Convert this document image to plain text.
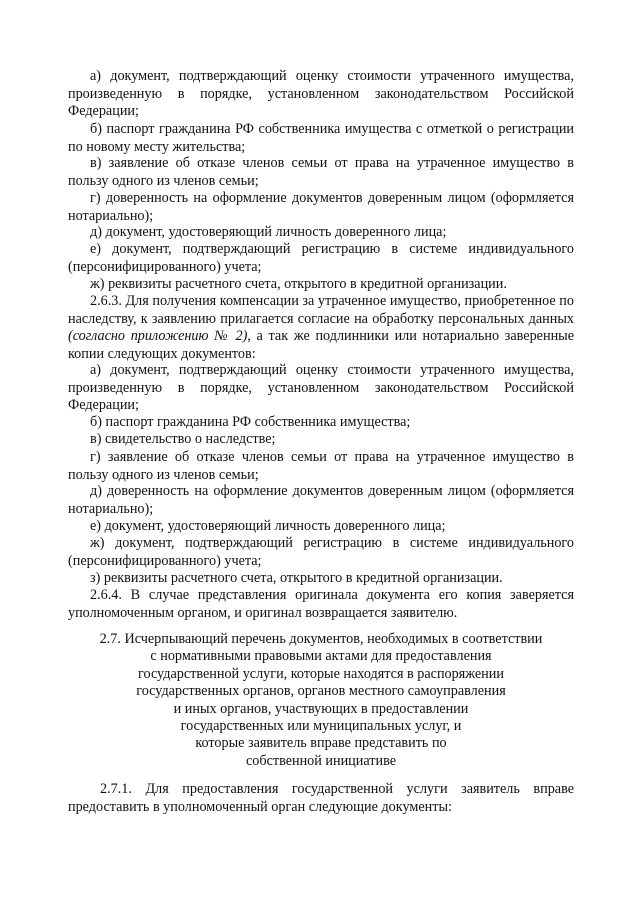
а) документ, подтверждающий оценку стоимости утраченного имущества, произведенную в порядке, установленном законодательством Российской Федерации;

б) паспорт гражданина РФ собственника имущества с отметкой о регистрации по новому месту жительства;

в) заявление об отказе членов семьи от права на утраченное имущество в пользу одного из членов семьи;

г) доверенность на оформление документов доверенным лицом (оформляется нотариально);

д) документ, удостоверяющий личность доверенного лица;

е) документ, подтверждающий регистрацию в системе индивидуального (персонифицированного) учета;

ж) реквизиты расчетного счета, открытого в кредитной организации.

2.6.3. Для получения компенсации за утраченное имущество, приобретенное по наследству, к заявлению прилагается согласие на обработку персональных данных (согласно приложению № 2), а так же подлинники или нотариально заверенные копии следующих документов:

а) документ, подтверждающий оценку стоимости утраченного имущества, произведенную в порядке, установленном законодательством Российской Федерации;

б) паспорт гражданина РФ собственника имущества;

в) свидетельство о наследстве;

г) заявление об отказе членов семьи от права на утраченное имущество в пользу одного из членов семьи;

д) доверенность на оформление документов доверенным лицом (оформляется нотариально);

е) документ, удостоверяющий личность доверенного лица;

ж) документ, подтверждающий регистрацию в системе индивидуального (персонифицированного) учета;

з) реквизиты расчетного счета, открытого в кредитной организации.

2.6.4. В случае представления оригинала документа его копия заверяется уполномоченным органом, и оригинал возвращается заявителю.

2.7. Исчерпывающий перечень документов, необходимых в соответствии
с нормативными правовыми актами для предоставления
государственной услуги, которые находятся в распоряжении
государственных органов, органов местного самоуправления
и иных органов, участвующих в предоставлении
государственных или муниципальных услуг, и
которые заявитель вправе представить по
собственной инициативе

2.7.1. Для предоставления государственной услуги заявитель вправе предоставить в уполномоченный орган следующие документы:
